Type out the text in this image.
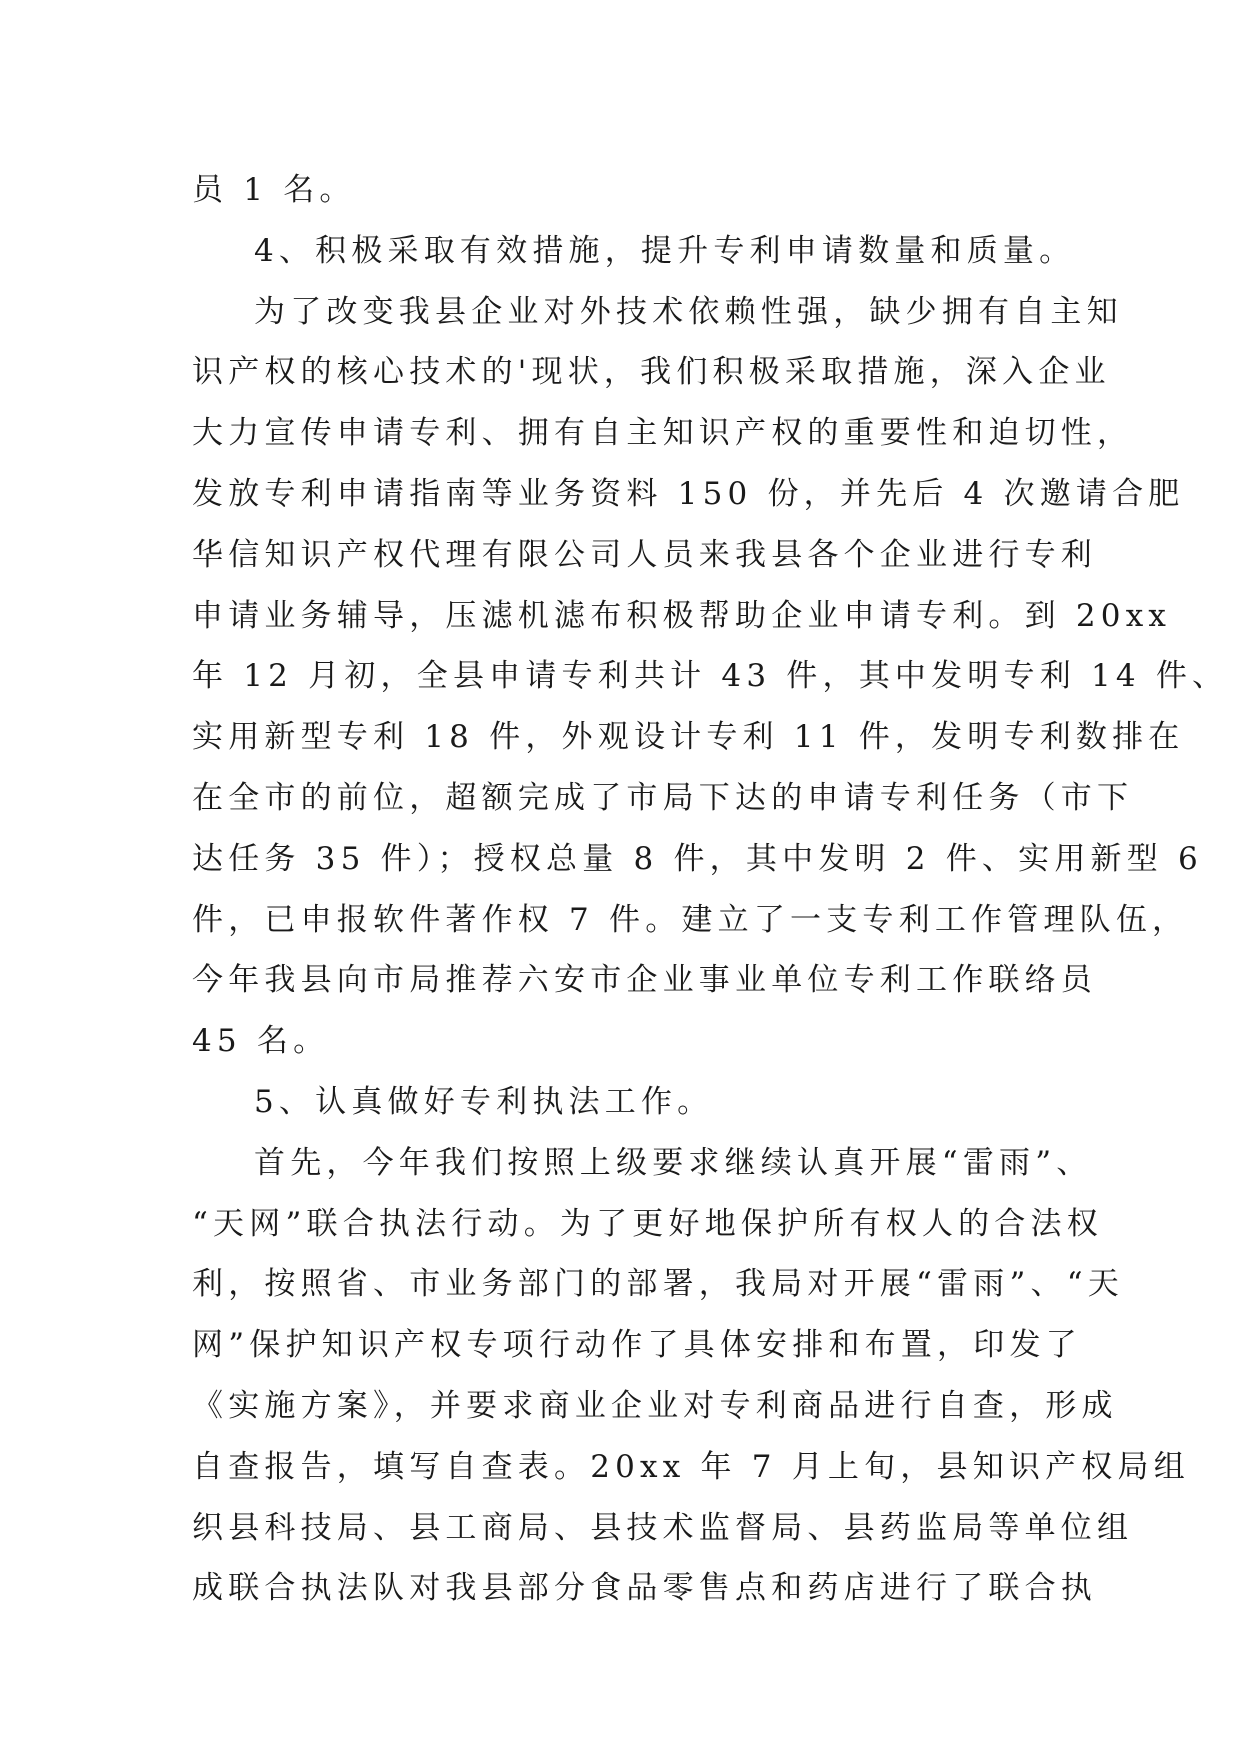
员 1 名。
4、积极采取有效措施，提升专利申请数量和质量。
为了改变我县企业对外技术依赖性强，缺少拥有自主知
识产权的核心技术的'现状，我们积极采取措施，深入企业
大力宣传申请专利、拥有自主知识产权的重要性和迫切性，
发放专利申请指南等业务资料 150 份，并先后 4 次邀请合肥
华信知识产权代理有限公司人员来我县各个企业进行专利
申请业务辅导，压滤机滤布积极帮助企业申请专利。到 20xx
年 12 月初，全县申请专利共计 43 件，其中发明专利 14 件、
实用新型专利 18 件，外观设计专利 11 件，发明专利数排在
在全市的前位，超额完成了市局下达的申请专利任务（市下
达任务 35 件）；授权总量 8 件，其中发明 2 件、实用新型 6
件，已申报软件著作权 7 件。建立了一支专利工作管理队伍，
今年我县向市局推荐六安市企业事业单位专利工作联络员
45 名。
5、认真做好专利执法工作。
首先，今年我们按照上级要求继续认真开展“雷雨”、
“天网”联合执法行动。为了更好地保护所有权人的合法权
利，按照省、市业务部门的部署，我局对开展“雷雨”、“天
网”保护知识产权专项行动作了具体安排和布置，印发了
《实施方案》，并要求商业企业对专利商品进行自查，形成
自查报告，填写自查表。20xx 年 7 月上旬，县知识产权局组
织县科技局、县工商局、县技术监督局、县药监局等单位组
成联合执法队对我县部分食品零售点和药店进行了联合执
